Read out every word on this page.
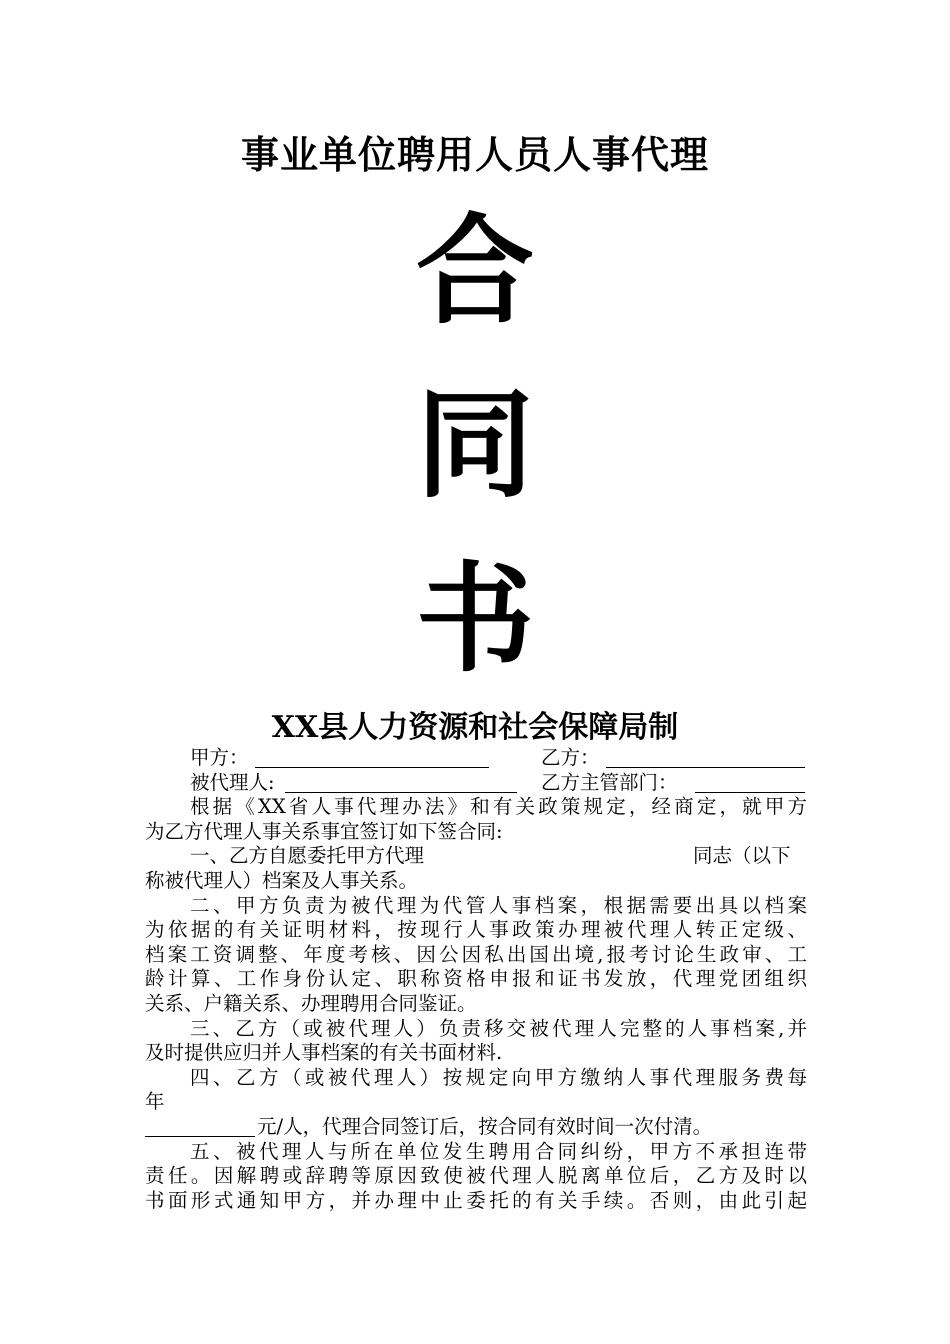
事业单位聘用人员人事代理
合
同
书
XX县人力资源和社会保障局制
甲方：	乙方：
被代理人:	乙方主管部门：
根据《XX省人事代理办法》和有关政策规定，经商定，就甲方
为乙方代理人事关系事宜签订如下签合同:
一、乙方自愿委托甲方代理	同志（以下
称被代理人）档案及人事关系。
二、甲方负责为被代理为代管人事档案，根据需要出具以档案
为依据的有关证明材料，按现行人事政策办理被代理人转正定级、
档案工资调整、年度考核、因公因私出国出境,报考讨论生政审、工
龄计算、工作身份认定、职称资格申报和证书发放，代理党团组织
关系、户籍关系、办理聘用合同鉴证。
三、乙方（或被代理人）负责移交被代理人完整的人事档案,并
及时提供应归并人事档案的有关书面材料.
四、乙方（或被代理人）按规定向甲方缴纳人事代理服务费每
年
元/人，代理合同签订后，按合同有效时间一次付清。
五、被代理人与所在单位发生聘用合同纠纷，甲方不承担连带
责任。因解聘或辞聘等原因致使被代理人脱离单位后，乙方及时以
书面形式通知甲方，并办理中止委托的有关手续。否则，由此引起
